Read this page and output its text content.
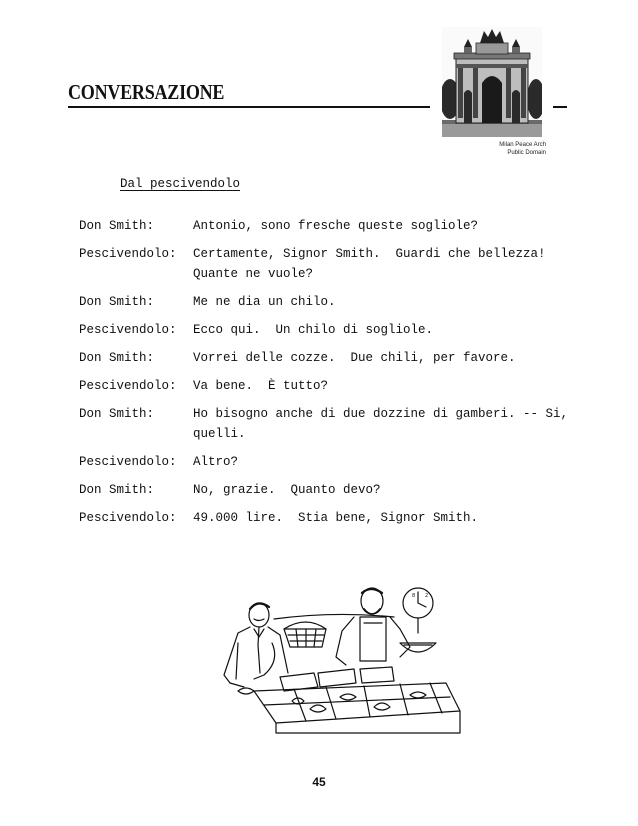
CONVERSAZIONE
Milan Peace Arch
Public Domain
Dal pescivendolo
Don Smith:	Antonio, sono fresche queste sogliole?
Pescivendolo:	Certamente, Signor Smith.  Guardi che bellezza!
Quante ne vuole?
Don Smith:	Me ne dia un chilo.
Pescivendolo:	Ecco qui.  Un chilo di sogliole.
Don Smith:	Vorrei delle cozze.  Due chili, per favore.
Pescivendolo:	Va bene.  È tutto?
Don Smith:	Ho bisogno anche di due dozzine di gamberi. -- Si,
quelli.
Pescivendolo:	Altro?
Don Smith:	No, grazie.  Quanto devo?
Pescivendolo:	49.000 lire.  Stia bene, Signor Smith.
8 2
45
